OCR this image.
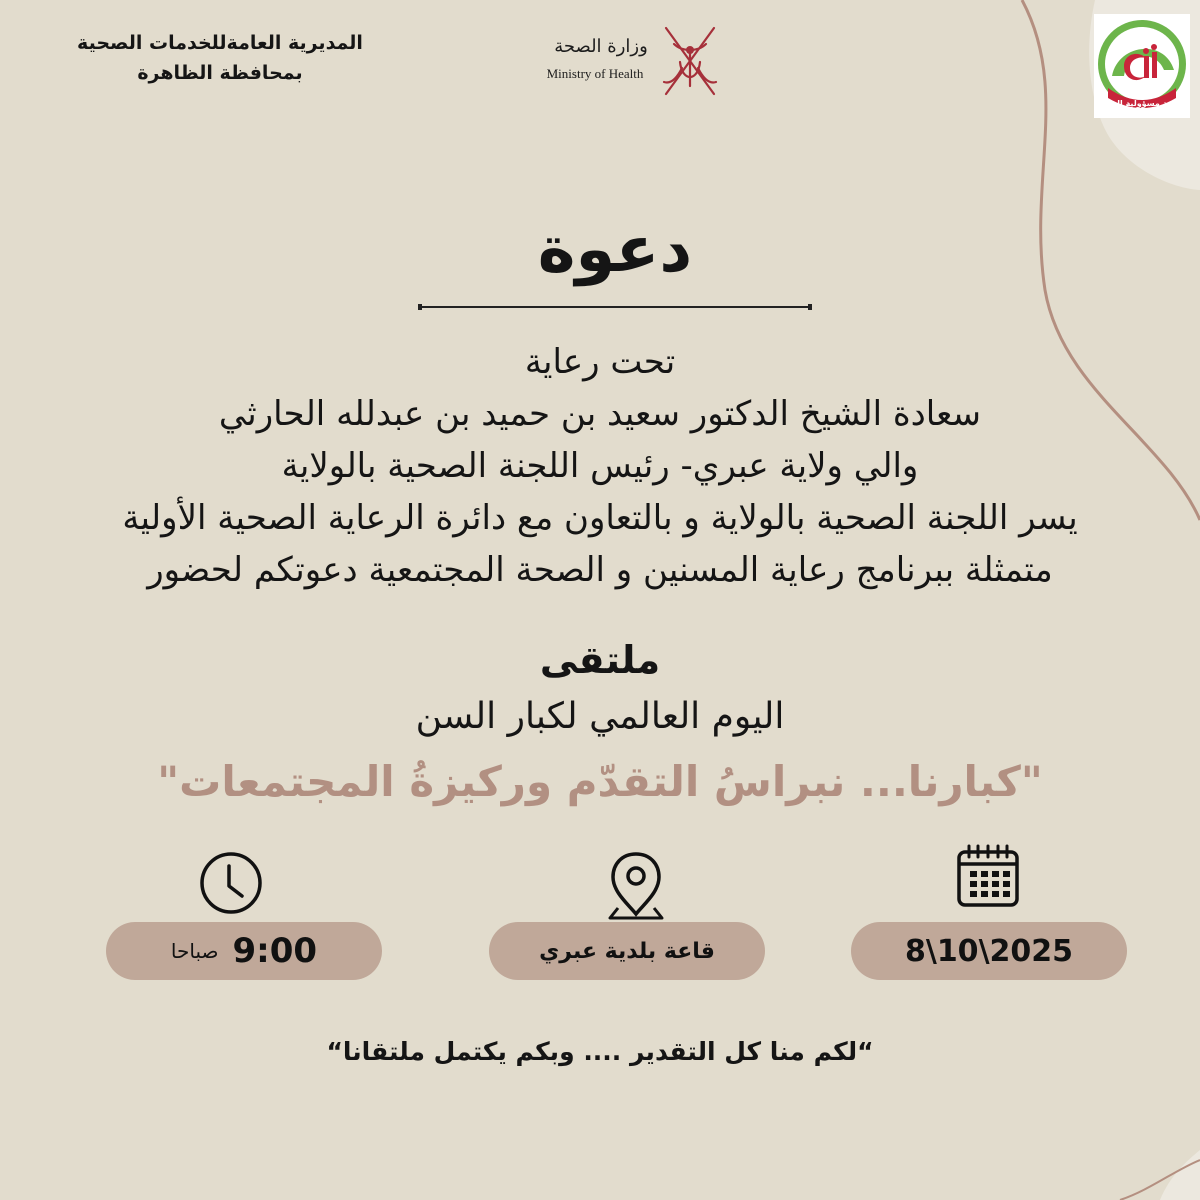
المديرية العامةللخدمات الصحية
بمحافظة الظاهرة
وزارة الصحة
Ministry of Health
الصحة مسؤولية الجميع
دعوة
تحت رعاية
سعادة الشيخ الدكتور سعيد بن حميد بن عبدلله الحارثي
والي ولاية عبري- رئيس اللجنة الصحية بالولاية
يسر اللجنة الصحية بالولاية و بالتعاون مع دائرة الرعاية الصحية الأولية
متمثلة ببرنامج رعاية المسنين و الصحة المجتمعية دعوتكم لحضور
ملتقى
اليوم العالمي لكبار السن
"كبارنا... نبراسُ التقدّم وركيزةُ المجتمعات"
2025\10\8
قاعة بلدية عبري
9:00
صباحا
“لكم منا كل التقدير .... وبكم يكتمل ملتقانا“
